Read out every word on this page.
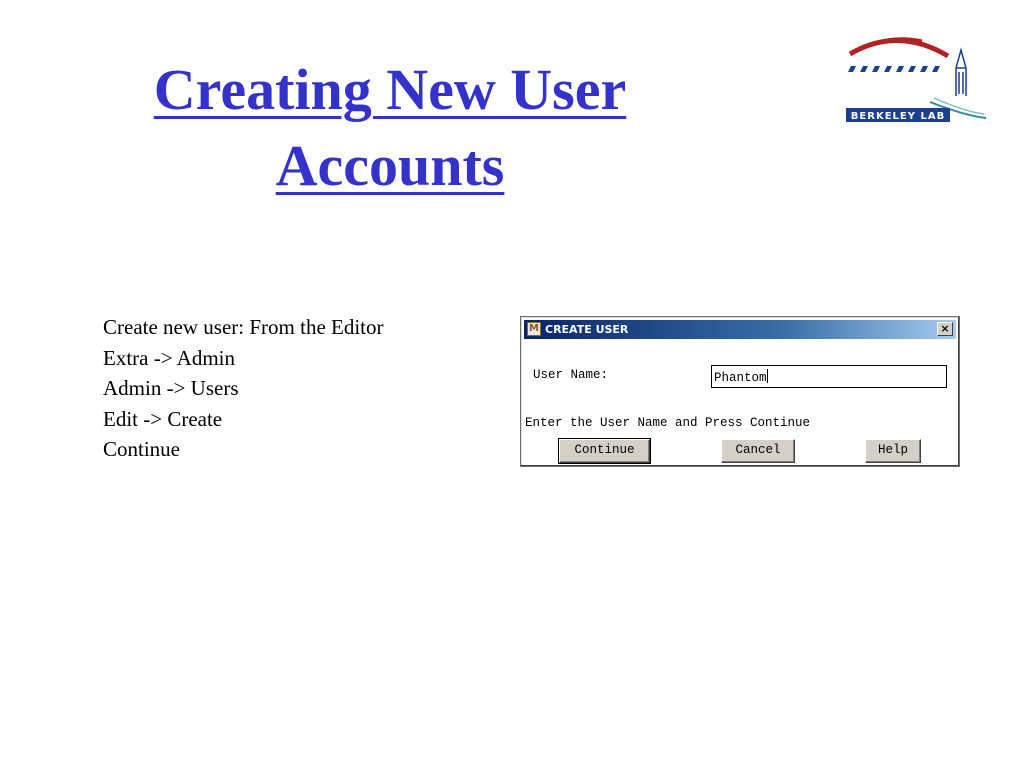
Creating New User Accounts
BERKELEY LAB
Create new user: From the Editor
Extra -> Admin
Admin -> Users
Edit -> Create
Continue
M CREATE USER	×
User Name:	Phantom
Enter the User Name and Press Continue
Continue	Cancel	Help
